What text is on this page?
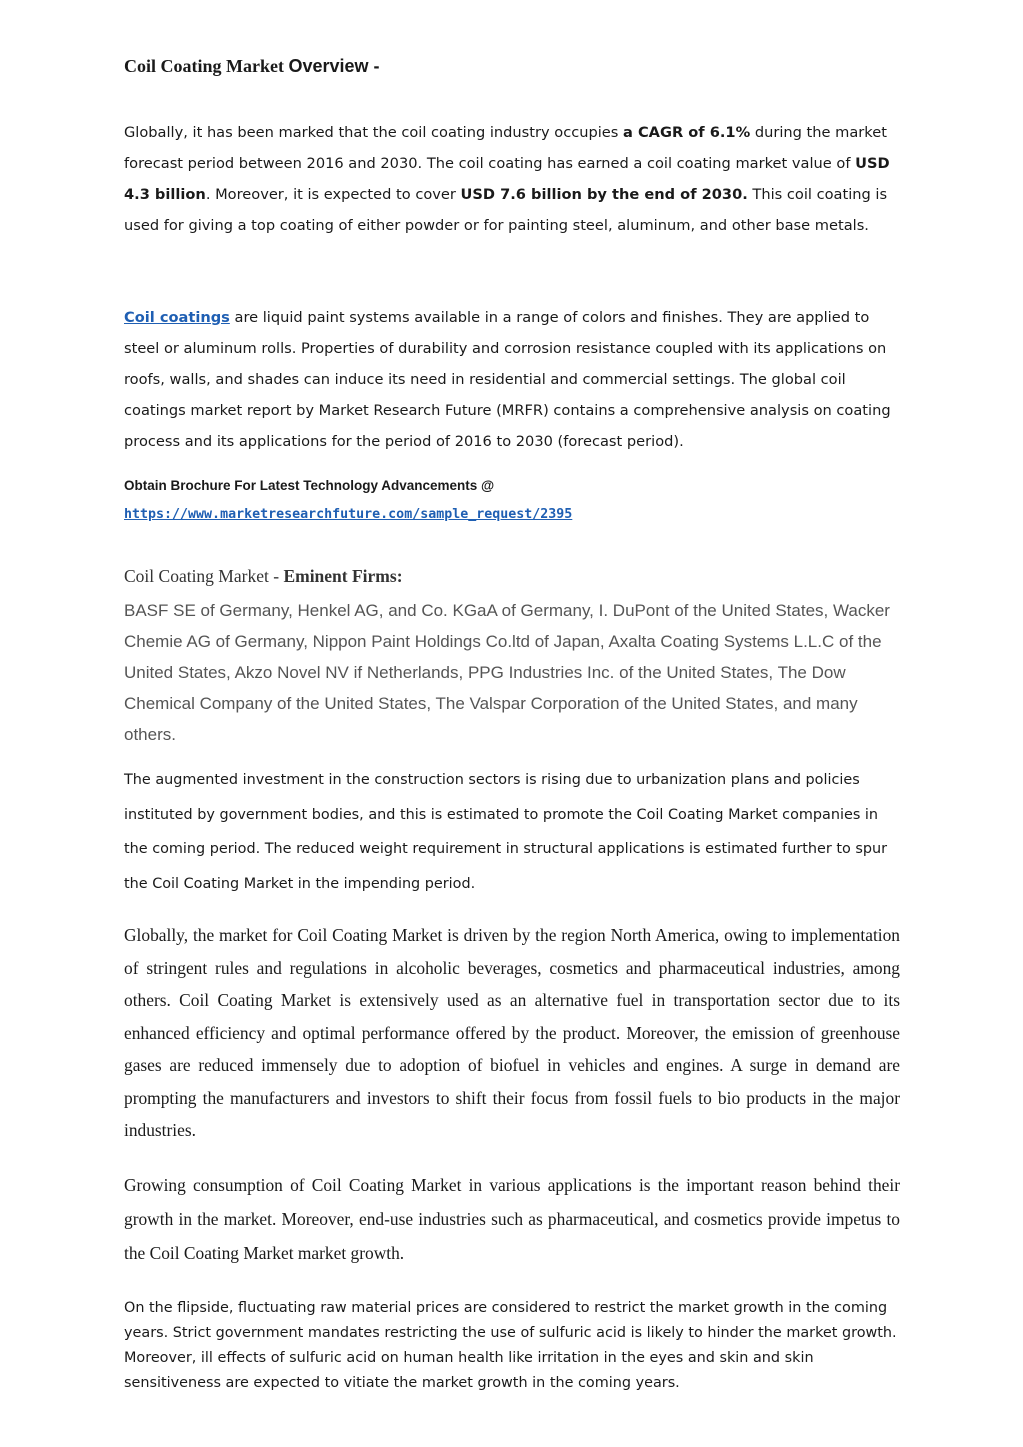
Coil Coating Market Overview -

Globally, it has been marked that the coil coating industry occupies a CAGR of 6.1% during the market forecast period between 2016 and 2030. The coil coating has earned a coil coating market value of USD 4.3 billion. Moreover, it is expected to cover USD 7.6 billion by the end of 2030. This coil coating is used for giving a top coating of either powder or for painting steel, aluminum, and other base metals.

Coil coatings are liquid paint systems available in a range of colors and finishes. They are applied to steel or aluminum rolls. Properties of durability and corrosion resistance coupled with its applications on roofs, walls, and shades can induce its need in residential and commercial settings. The global coil coatings market report by Market Research Future (MRFR) contains a comprehensive analysis on coating process and its applications for the period of 2016 to 2030 (forecast period).

Obtain Brochure For Latest Technology Advancements @
https://www.marketresearchfuture.com/sample_request/2395
Coil Coating Market - Eminent Firms:

BASF SE of Germany, Henkel AG, and Co. KGaA of Germany, I. DuPont of the United States, Wacker Chemie AG of Germany, Nippon Paint Holdings Co.ltd of Japan, Axalta Coating Systems L.L.C of the United States, Akzo Novel NV if Netherlands, PPG Industries Inc. of the United States, The Dow Chemical Company of the United States, The Valspar Corporation of the United States, and many others.

The augmented investment in the construction sectors is rising due to urbanization plans and policies instituted by government bodies, and this is estimated to promote the Coil Coating Market companies in the coming period. The reduced weight requirement in structural applications is estimated further to spur the Coil Coating Market in the impending period.

Globally, the market for Coil Coating Market is driven by the region North America, owing to implementation of stringent rules and regulations in alcoholic beverages, cosmetics and pharmaceutical industries, among others. Coil Coating Market is extensively used as an alternative fuel in transportation sector due to its enhanced efficiency and optimal performance offered by the product. Moreover, the emission of greenhouse gases are reduced immensely due to adoption of biofuel in vehicles and engines. A surge in demand are prompting the manufacturers and investors to shift their focus from fossil fuels to bio products in the major industries.

Growing consumption of Coil Coating Market in various applications is the important reason behind their growth in the market. Moreover, end-use industries such as pharmaceutical, and cosmetics provide impetus to the Coil Coating Market market growth.

On the flipside, fluctuating raw material prices are considered to restrict the market growth in the coming years. Strict government mandates restricting the use of sulfuric acid is likely to hinder the market growth. Moreover, ill effects of sulfuric acid on human health like irritation in the eyes and skin and skin sensitiveness are expected to vitiate the market growth in the coming years.
